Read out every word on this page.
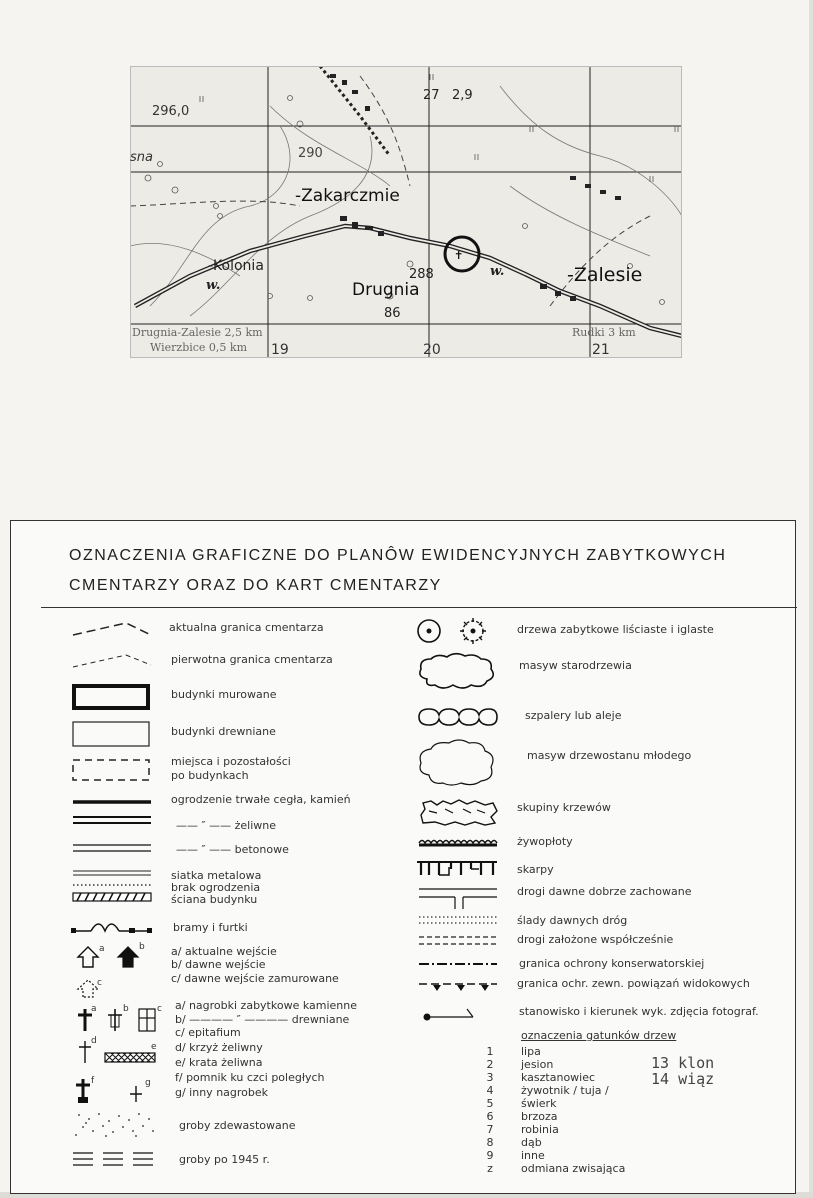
✝
296,0
sna	290
-Zakarczmie
-Kolonia
w.	Drugnia
288	w.	-Zalesie
86
27 2,9
Drugnia-Zalesie 2,5 km
Wierzbice 0,5 km
Rudki 3 km
19	20	21
OZNACZENIA GRAFICZNE DO PLANÔW EWIDENCYJNYCH ZABYTKOWYCH
CMENTARZY ORAZ DO KART CMENTARZY
aktualna granica cmentarza
pierwotna granica cmentarza
budynki murowane
budynki drewniane
miejsca i pozostałości
po budynkach
ogrodzenie trwałe cegła, kamień
—— ″ —— żeliwne
—— ″ —— betonowe
siatka metalowa
brak ogrodzenia
ściana budynku
bramy i furtki
a	b
c
a/ aktualne wejście
b/ dawne wejście
c/ dawne wejście zamurowane
a	b	c a/ nagrobki zabytkowe kamienne
b/ ———— ″ ———— drewniane
c/ epitafium
d
e
f	g
d/ krzyż żeliwny
e/ krata żeliwna
f/ pomnik ku czci poległych
g/ inny nagrobek
groby zdewastowane
groby po 1945 r.
drzewa zabytkowe liściaste i iglaste
masyw starodrzewia
szpalery lub aleje
masyw drzewostanu młodego
skupiny krzewów
żywopłoty
skarpy
drogi dawne dobrze zachowane
ślady dawnych dróg
drogi założone współcześnie
granica ochrony konserwatorskiej
granica ochr. zewn. powiązań widokowych
stanowisko i kierunek wyk. zdjęcia fotograf.
oznaczenia gatunków drzew
13 klon
14 wiąz
1	lipa
2	jesion
3	kasztanowiec
4	żywotnik / tuja /
5	świerk
6	brzoza
7	robinia
8	dąb
9	inne
z	odmiana zwisająca
